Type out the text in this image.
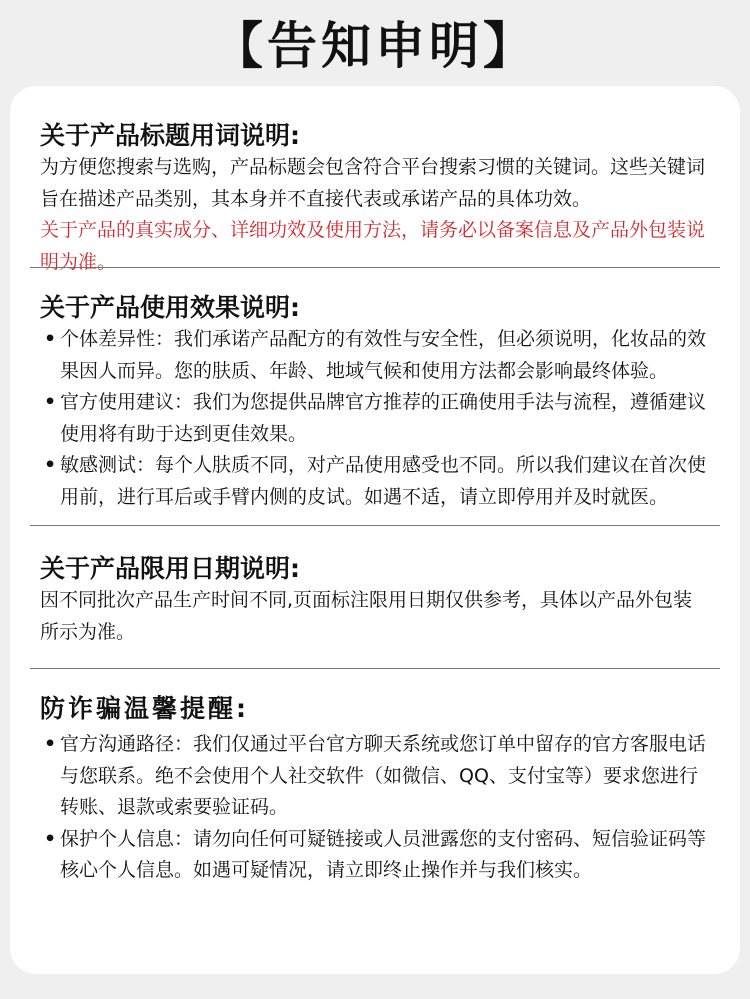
【告知申明】
关于产品标题用词说明:

为方便您搜索与选购，产品标题会包含符合平台搜索习惯的关键词。这些关键词旨在描述产品类别，其本身并不直接代表或承诺产品的具体功效。

关于产品的真实成分、详细功效及使用方法，请务必以备案信息及产品外包装说明为准。

关于产品使用效果说明:
• 个体差异性：我们承诺产品配方的有效性与安全性，但必须说明，化妆品的效果因人而异。您的肤质、年龄、地域气候和使用方法都会影响最终体验。
• 官方使用建议：我们为您提供品牌官方推荐的正确使用手法与流程，遵循建议使用将有助于达到更佳效果。
• 敏感测试：每个人肤质不同，对产品使用感受也不同。所以我们建议在首次使用前，进行耳后或手臂内侧的皮试。如遇不适，请立即停用并及时就医。
关于产品限用日期说明:

因不同批次产品生产时间不同,页面标注限用日期仅供参考，具体以产品外包装所示为准。

防诈骗温馨提醒:
• 官方沟通路径：我们仅通过平台官方聊天系统或您订单中留存的官方客服电话与您联系。绝不会使用个人社交软件（如微信、QQ、支付宝等）要求您进行转账、退款或索要验证码。
• 保护个人信息：请勿向任何可疑链接或人员泄露您的支付密码、短信验证码等核心个人信息。如遇可疑情况，请立即终止操作并与我们核实。
